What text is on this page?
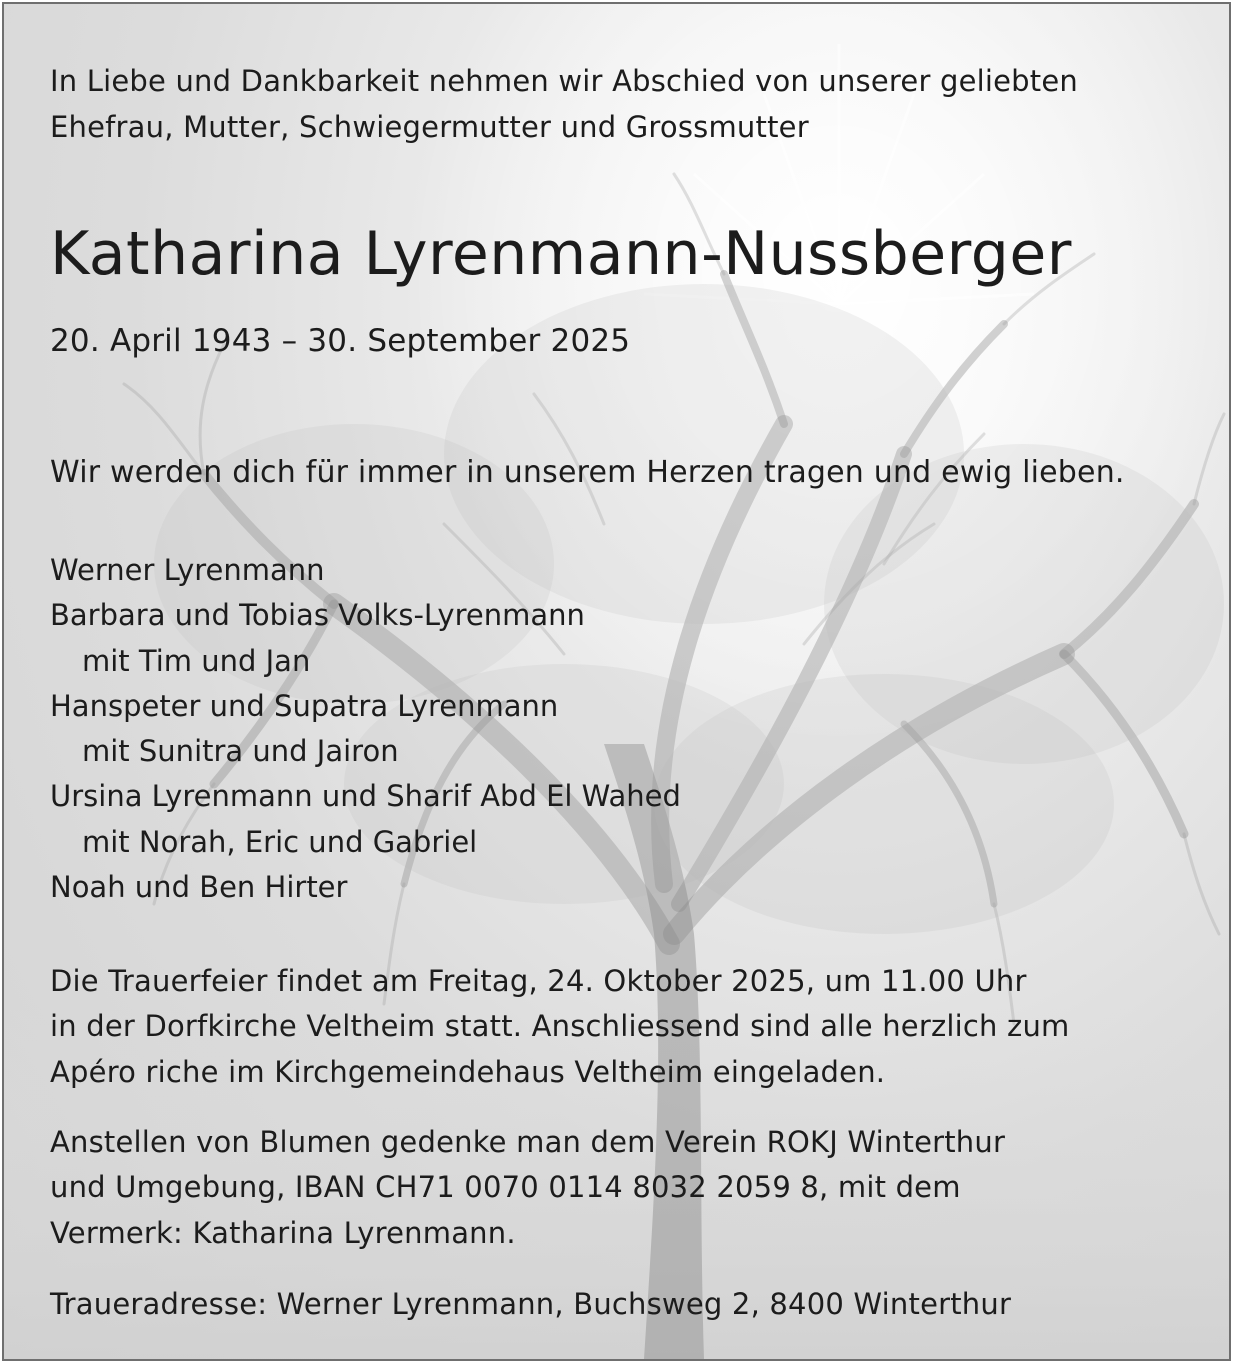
In Liebe und Dankbarkeit nehmen wir Abschied von unserer geliebten
Ehefrau, Mutter, Schwiegermutter und Grossmutter

Katharina Lyrenmann-Nussberger

20. April 1943 – 30. September 2025

Wir werden dich für immer in unserem Herzen tragen und ewig lieben.

Werner Lyrenmann
Barbara und Tobias Volks-Lyrenmann
mit Tim und Jan
Hanspeter und Supatra Lyrenmann
mit Sunitra und Jairon
Ursina Lyrenmann und Sharif Abd El Wahed
mit Norah, Eric und Gabriel
Noah und Ben Hirter

Die Trauerfeier findet am Freitag, 24. Oktober 2025, um 11.00 Uhr
in der Dorfkirche Veltheim statt. Anschliessend sind alle herzlich zum
Apéro riche im Kirchgemeindehaus Veltheim eingeladen.

Anstellen von Blumen gedenke man dem Verein ROKJ Winterthur
und Umgebung, IBAN CH71 0070 0114 8032 2059 8, mit dem
Vermerk: Katharina Lyrenmann.

Traueradresse: Werner Lyrenmann, Buchsweg 2, 8400 Winterthur
